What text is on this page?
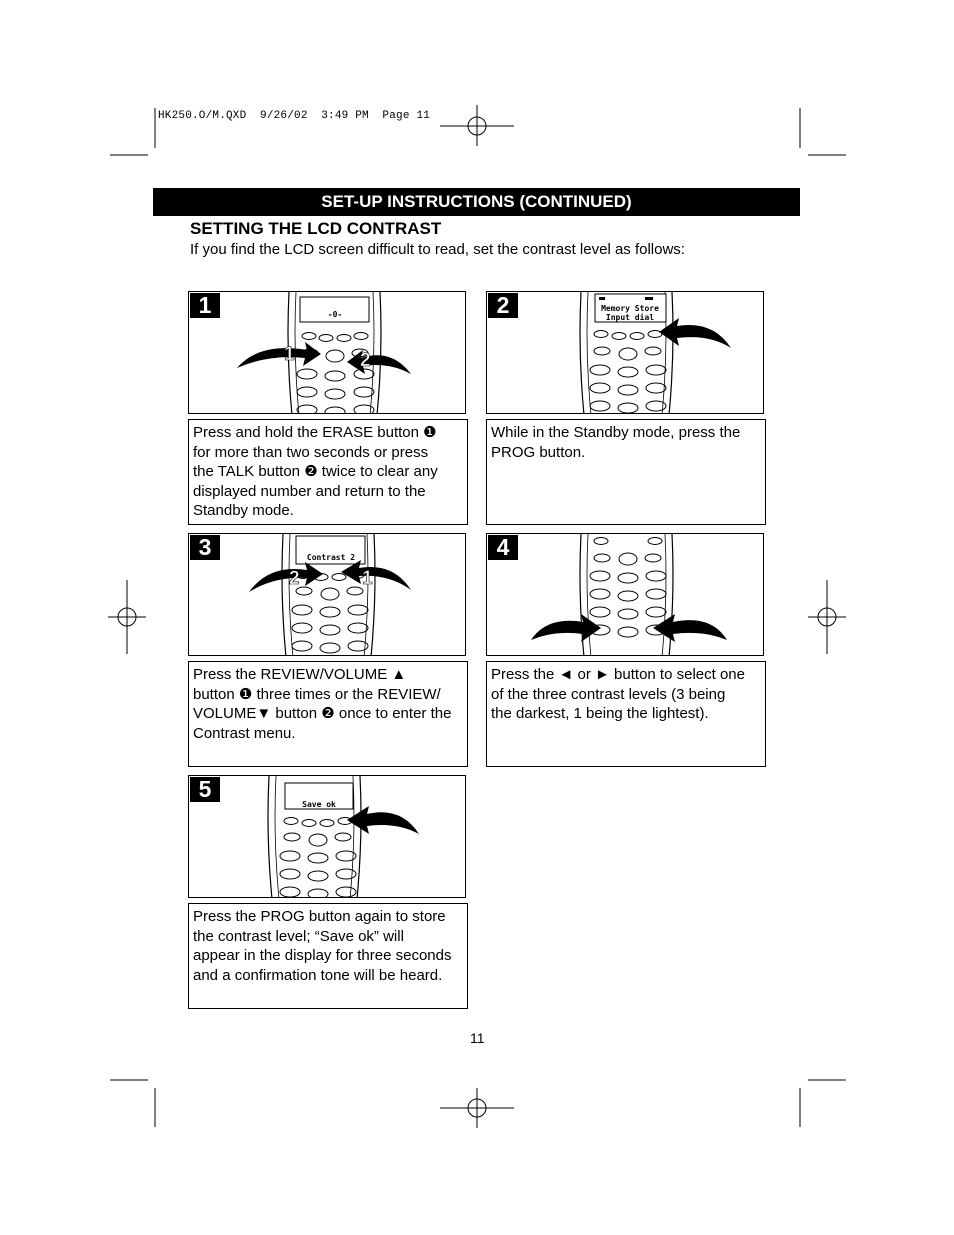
HK250.O/M.QXD  9/26/02  3:49 PM  Page 11
SET-UP INSTRUCTIONS (CONTINUED)
SETTING THE LCD CONTRAST
If you find the LCD screen difficult to read, set the contrast level as follows:
-0-
1	2
1
Press and hold the ERASE button ❶
for more than two seconds or press
the TALK button ❷ twice to clear any
displayed number and return to the
Standby mode.
Memory Store
Input dial
2
While in the Standby mode, press the
PROG button.
Contrast 2
2	1
3
Press the REVIEW/VOLUME ▲
button ❶ three times or the REVIEW/
VOLUME▼ button ❷ once to enter the
Contrast menu.
4
Press the ◄ or ► button to select one
of the three contrast levels (3 being
the darkest, 1 being the lightest).
Save ok
5
Press the PROG button again to store
the contrast level; “Save ok” will
appear in the display for three seconds
and a confirmation tone will be heard.
11
